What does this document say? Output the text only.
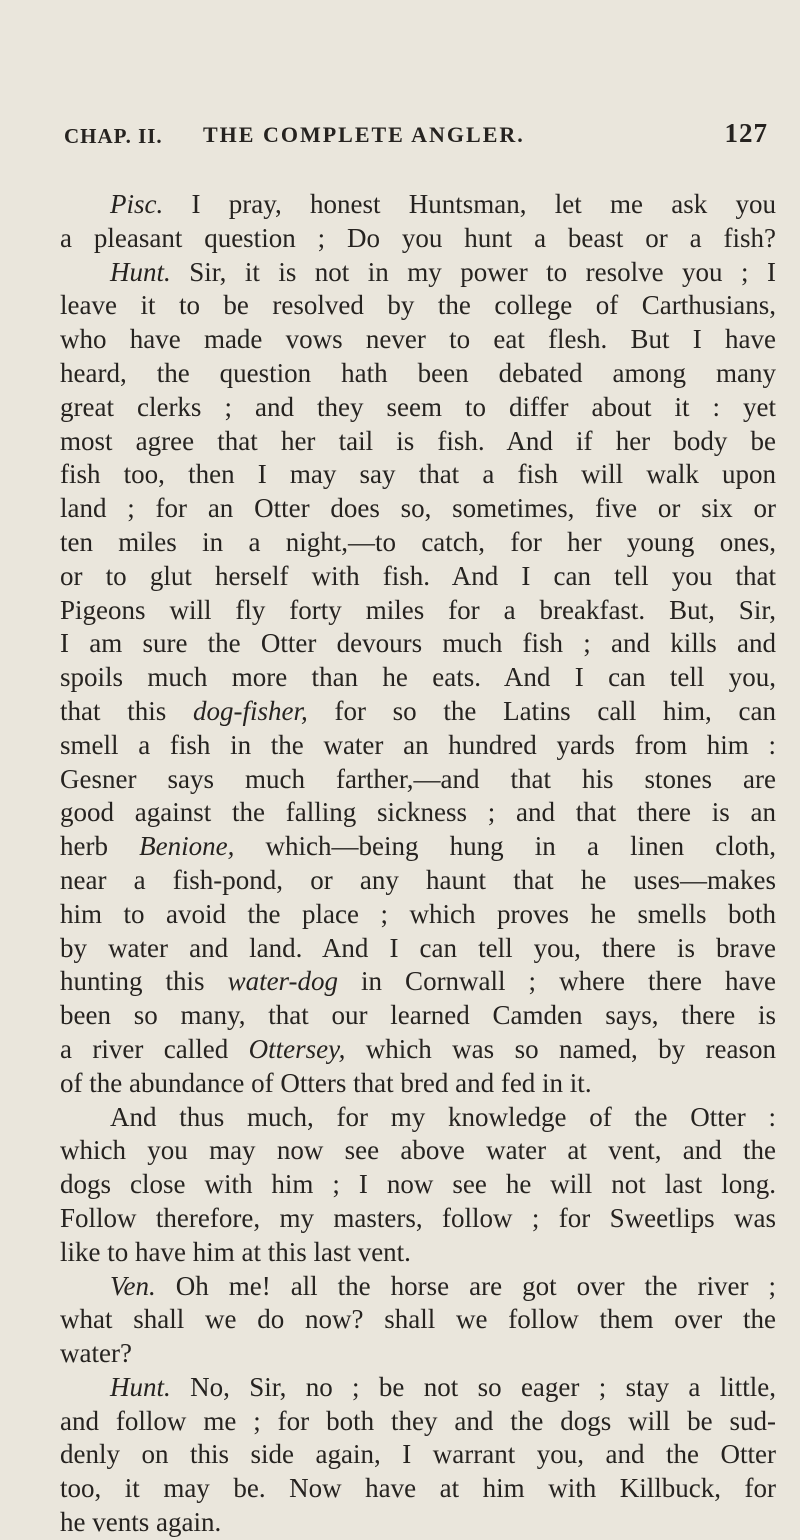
CHAP. II. THE COMPLETE ANGLER.	127
Pisc. I pray, honest Huntsman, let me ask you
a pleasant question ; Do you hunt a beast or a fish?
Hunt. Sir, it is not in my power to resolve you ; I
leave it to be resolved by the college of Carthusians,
who have made vows never to eat flesh. But I have
heard, the question hath been debated among many
great clerks ; and they seem to differ about it : yet
most agree that her tail is fish. And if her body be
fish too, then I may say that a fish will walk upon
land ; for an Otter does so, sometimes, five or six or
ten miles in a night,—to catch, for her young ones,
or to glut herself with fish. And I can tell you that
Pigeons will fly forty miles for a breakfast. But, Sir,
I am sure the Otter devours much fish ; and kills and
spoils much more than he eats. And I can tell you,
that this dog-fisher, for so the Latins call him, can
smell a fish in the water an hundred yards from him :
Gesner says much farther,—and that his stones are
good against the falling sickness ; and that there is an
herb Benione, which—being hung in a linen cloth,
near a fish-pond, or any haunt that he uses—makes
him to avoid the place ; which proves he smells both
by water and land. And I can tell you, there is brave
hunting this water-dog in Cornwall ; where there have
been so many, that our learned Camden says, there is
a river called Ottersey, which was so named, by reason
of the abundance of Otters that bred and fed in it.
And thus much, for my knowledge of the Otter :
which you may now see above water at vent, and the
dogs close with him ; I now see he will not last long.
Follow therefore, my masters, follow ; for Sweetlips was
like to have him at this last vent.
Ven. Oh me! all the horse are got over the river ;
what shall we do now? shall we follow them over the
water?
Hunt. No, Sir, no ; be not so eager ; stay a little,
and follow me ; for both they and the dogs will be sud-
denly on this side again, I warrant you, and the Otter
too, it may be. Now have at him with Killbuck, for
he vents again.
